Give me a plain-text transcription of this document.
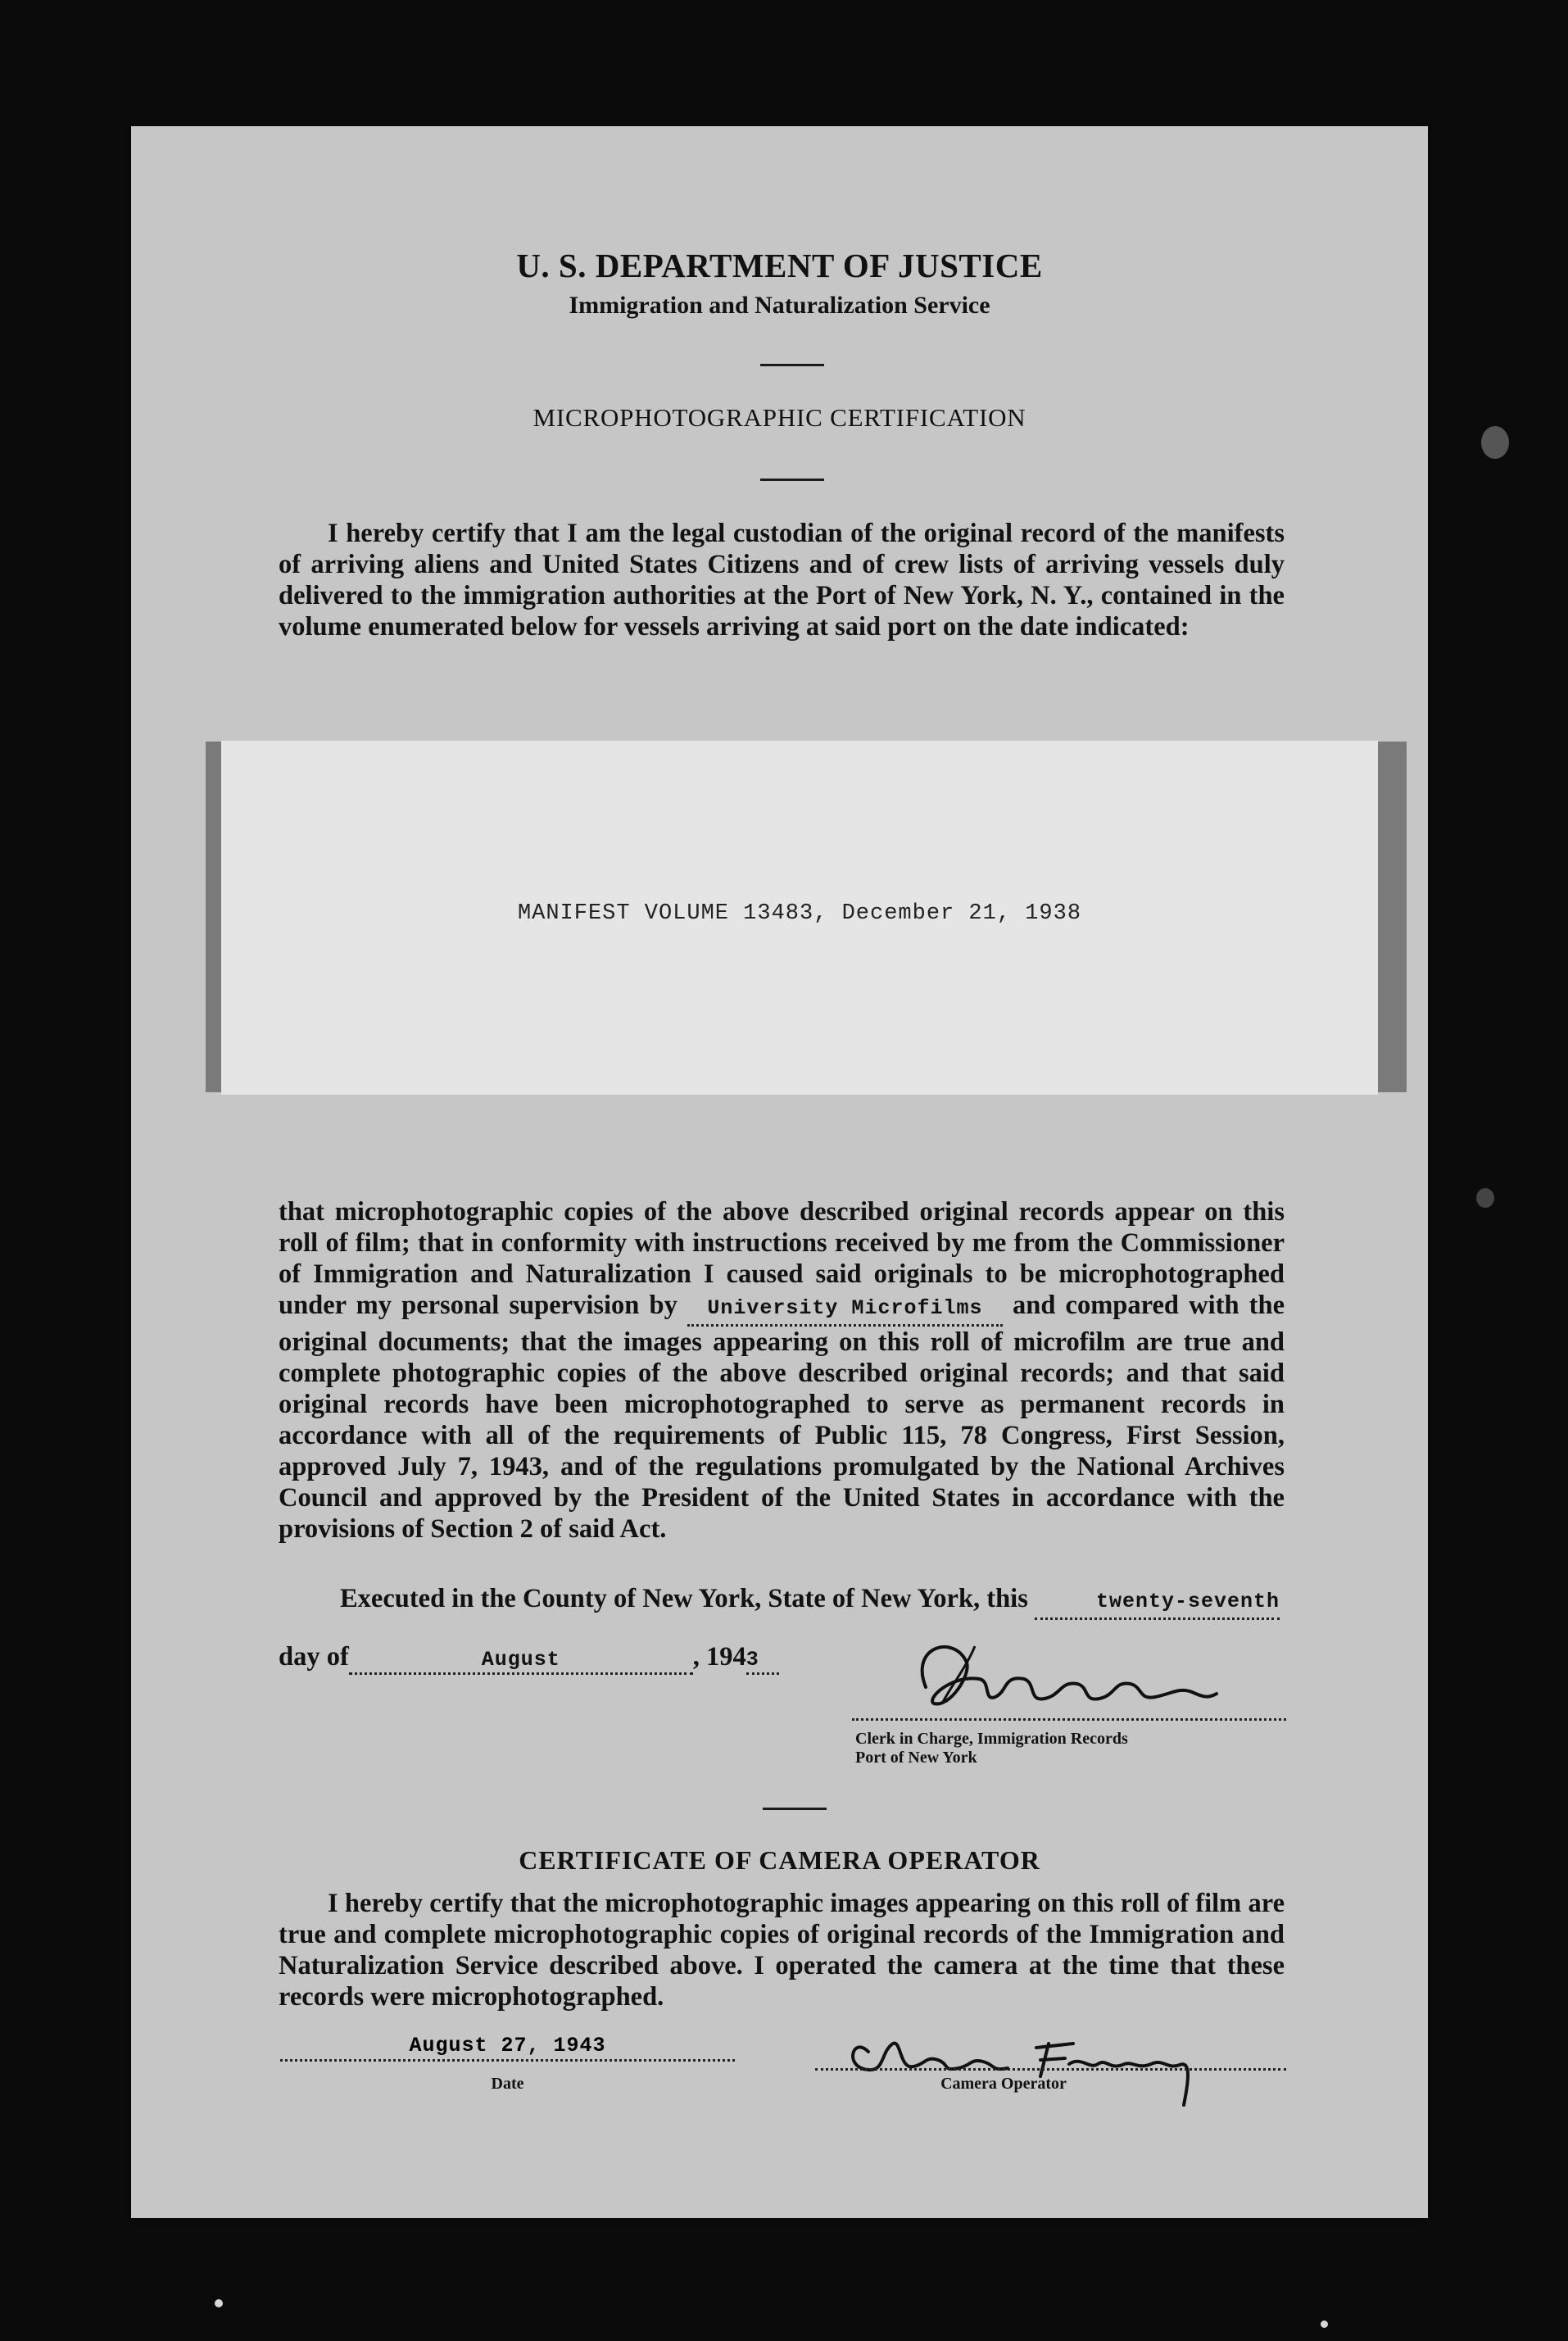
U. S. DEPARTMENT OF JUSTICE
Immigration and Naturalization Service
MICROPHOTOGRAPHIC CERTIFICATION
I hereby certify that I am the legal custodian of the original record of the manifests of arriving aliens and United States Citizens and of crew lists of arriving vessels duly delivered to the immigration authorities at the Port of New York, N. Y., contained in the volume enumerated below for vessels arriving at said port on the date indicated:
MANIFEST VOLUME 13483, December 21, 1938
that microphotographic copies of the above described original records appear on this roll of film; that in conformity with instructions received by me from the Commissioner of Immigration and Naturalization I caused said originals to be microphotographed under my personal supervision by University Microfilms and compared with the original documents; that the images appearing on this roll of microfilm are true and complete photographic copies of the above described original records; and that said original records have been microphotographed to serve as permanent records in accordance with all of the requirements of Public 115, 78 Congress, First Session, approved July 7, 1943, and of the regulations promulgated by the National Archives Council and approved by the President of the United States in accordance with the provisions of Section 2 of said Act.
Executed in the County of New York, State of New York, this	twenty-seventh
day of	August	, 1943
Clerk in Charge, Immigration Records
Port of New York
CERTIFICATE OF CAMERA OPERATOR
I hereby certify that the microphotographic images appearing on this roll of film are true and complete microphotographic copies of original records of the Immigration and Naturalization Service described above. I operated the camera at the time that these records were microphotographed.
August 27, 1943
Date	Camera Operator
